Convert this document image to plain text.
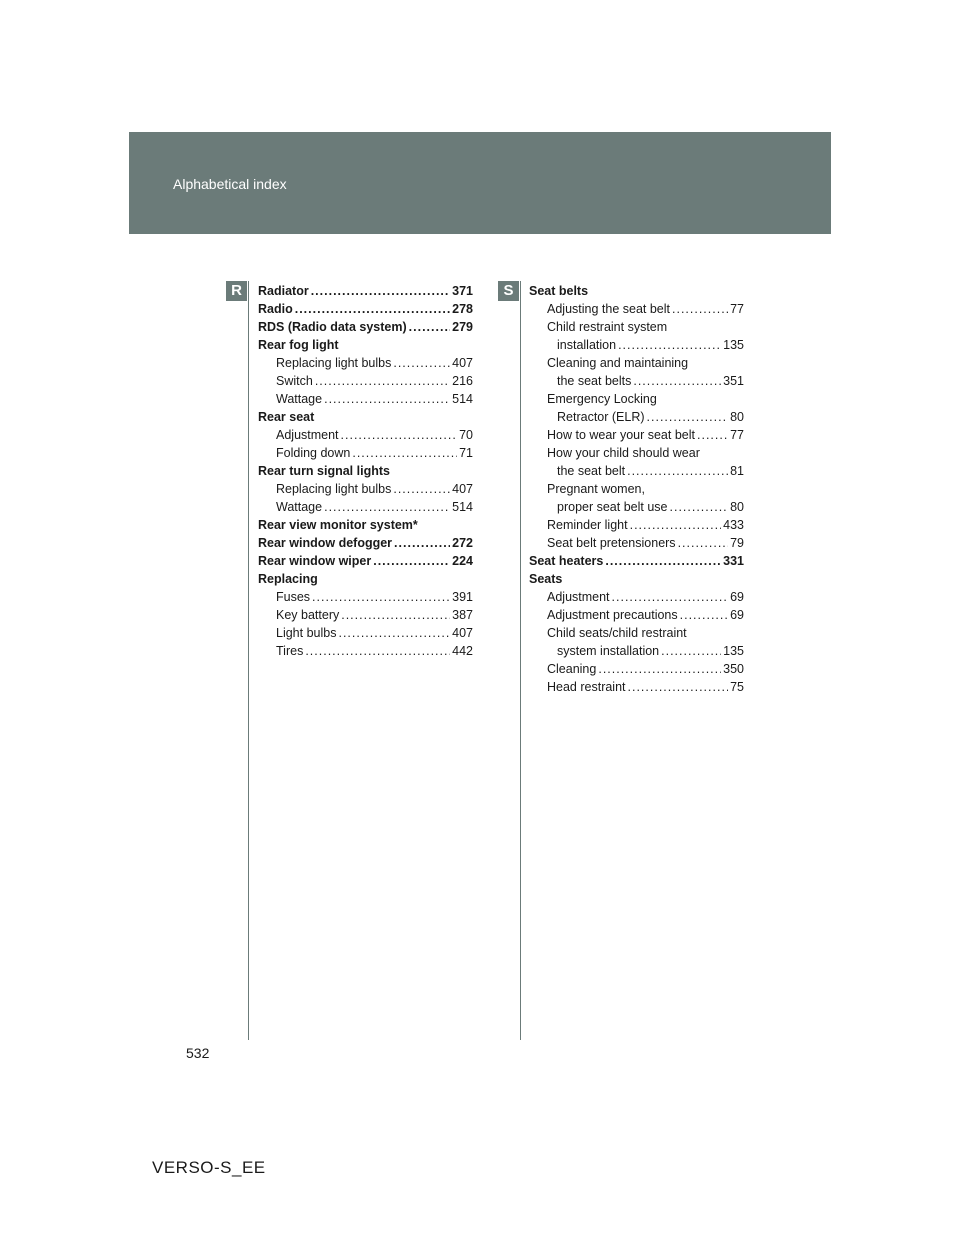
Alphabetical index
R	S
Radiator .....	371
Radio .....	278
RDS (Radio data system) .....	279
Rear fog light
Replacing light bulbs .....	407
Switch .....	216
Wattage .....	514
Rear seat
Adjustment .....	70
Folding down .....	71
Rear turn signal lights
Replacing light bulbs .....	407
Wattage .....	514
Rear view monitor system*
Rear window defogger .....	272
Rear window wiper .....	224
Replacing
Fuses .....	391
Key battery .....	387
Light bulbs .....	407
Tires .....	442
Seat belts
Adjusting the seat belt .....	77
Child restraint system
installation .....	135
Cleaning and maintaining
the seat belts .....	351
Emergency Locking
Retractor (ELR) .....	80
How to wear your seat belt .....	77
How your child should wear
the seat belt .....	81
Pregnant women,
proper seat belt use .....	80
Reminder light .....	433
Seat belt pretensioners .....	79
Seat heaters .....	331
Seats
Adjustment .....	69
Adjustment precautions .....	69
Child seats/child restraint
system installation .....	135
Cleaning .....	350
Head restraint .....	75
532
VERSO-S_EE
